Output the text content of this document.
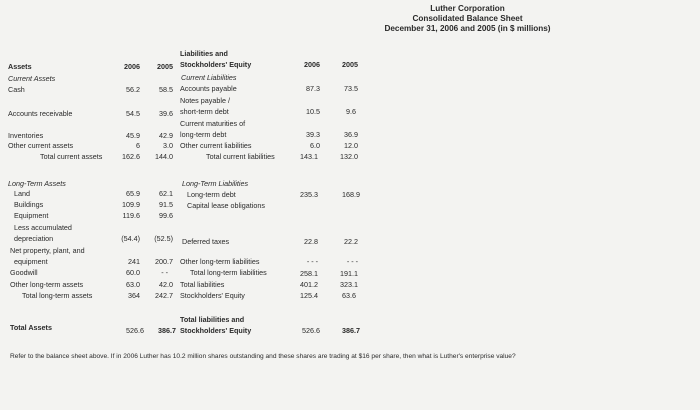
Luther Corporation
Consolidated Balance Sheet
December 31, 2006 and 2005 (in $ millions)
Assets	2006	2005
Liabilities and
Stockholders' Equity	2006	2005
Current Assets
Cash	56.2	58.5
Accounts receivable	54.5	39.6
Inventories	45.9	42.9
Other current assets	6	3.0
Total current assets	162.6	144.0
Long-Term Assets
Land	65.9	62.1
Buildings	109.9	91.5
Equipment	119.6	99.6
Less accumulated
depreciation	(54.4)	(52.5)
Net property, plant, and
equipment	241	200.7
Goodwill	60.0	- -
Other long-term assets	63.0	42.0
Total long-term assets	364	242.7
Total Assets	526.6	386.7
Current Liabilities
Accounts payable	87.3	73.5
Notes payable /
short-term debt	10.5	9.6
Current maturities of
long-term debt	39.3	36.9
Other current liabilities	6.0	12.0
Total current liabilities	143.1	132.0
Long-Term Liabilities
Long-term debt	235.3	168.9
Capital lease obligations
Deferred taxes	22.8	22.2
Other long-term liabilities	- - -	- - -
Total long-term liabilities	258.1	191.1
Total liabilities	401.2	323.1
Stockholders' Equity	125.4	63.6
Total liabilities and
Stockholders' Equity	526.6	386.7
Refer to the balance sheet above. If in 2006 Luther has 10.2 million shares outstanding and these shares are trading at $16 per share, then what is Luther's enterprise value?
